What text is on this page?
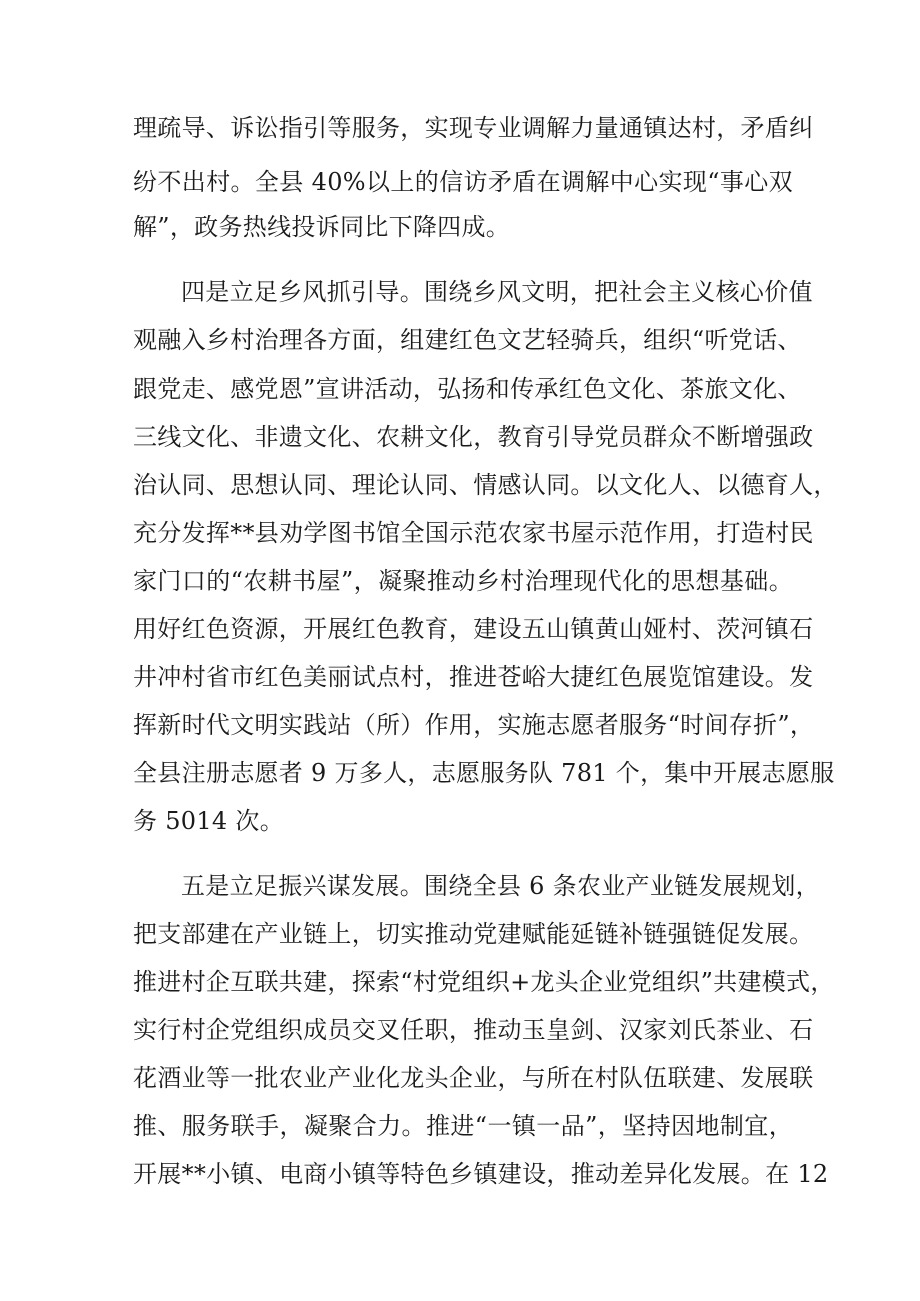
理疏导、诉讼指引等服务，实现专业调解力量通镇达村，矛盾纠
纷不出村。全县 40%以上的信访矛盾在调解中心实现“事心双
解”，政务热线投诉同比下降四成。
四是立足乡风抓引导。围绕乡风文明，把社会主义核心价值
观融入乡村治理各方面，组建红色文艺轻骑兵，组织“听党话、
跟党走、感党恩”宣讲活动，弘扬和传承红色文化、茶旅文化、
三线文化、非遗文化、农耕文化，教育引导党员群众不断增强政
治认同、思想认同、理论认同、情感认同。以文化人、以德育人，
充分发挥**县劝学图书馆全国示范农家书屋示范作用，打造村民
家门口的“农耕书屋”，凝聚推动乡村治理现代化的思想基础。
用好红色资源，开展红色教育，建设五山镇黄山娅村、茨河镇石
井冲村省市红色美丽试点村，推进苍峪大捷红色展览馆建设。发
挥新时代文明实践站（所）作用，实施志愿者服务“时间存折”，
全县注册志愿者 9 万多人，志愿服务队 781 个，集中开展志愿服
务 5014 次。
五是立足振兴谋发展。围绕全县 6 条农业产业链发展规划，
把支部建在产业链上，切实推动党建赋能延链补链强链促发展。
推进村企互联共建，探索“村党组织+龙头企业党组织”共建模式，
实行村企党组织成员交叉任职，推动玉皇剑、汉家刘氏茶业、石
花酒业等一批农业产业化龙头企业，与所在村队伍联建、发展联
推、服务联手，凝聚合力。推进“一镇一品”，坚持因地制宜，
开展**小镇、电商小镇等特色乡镇建设，推动差异化发展。在 12
